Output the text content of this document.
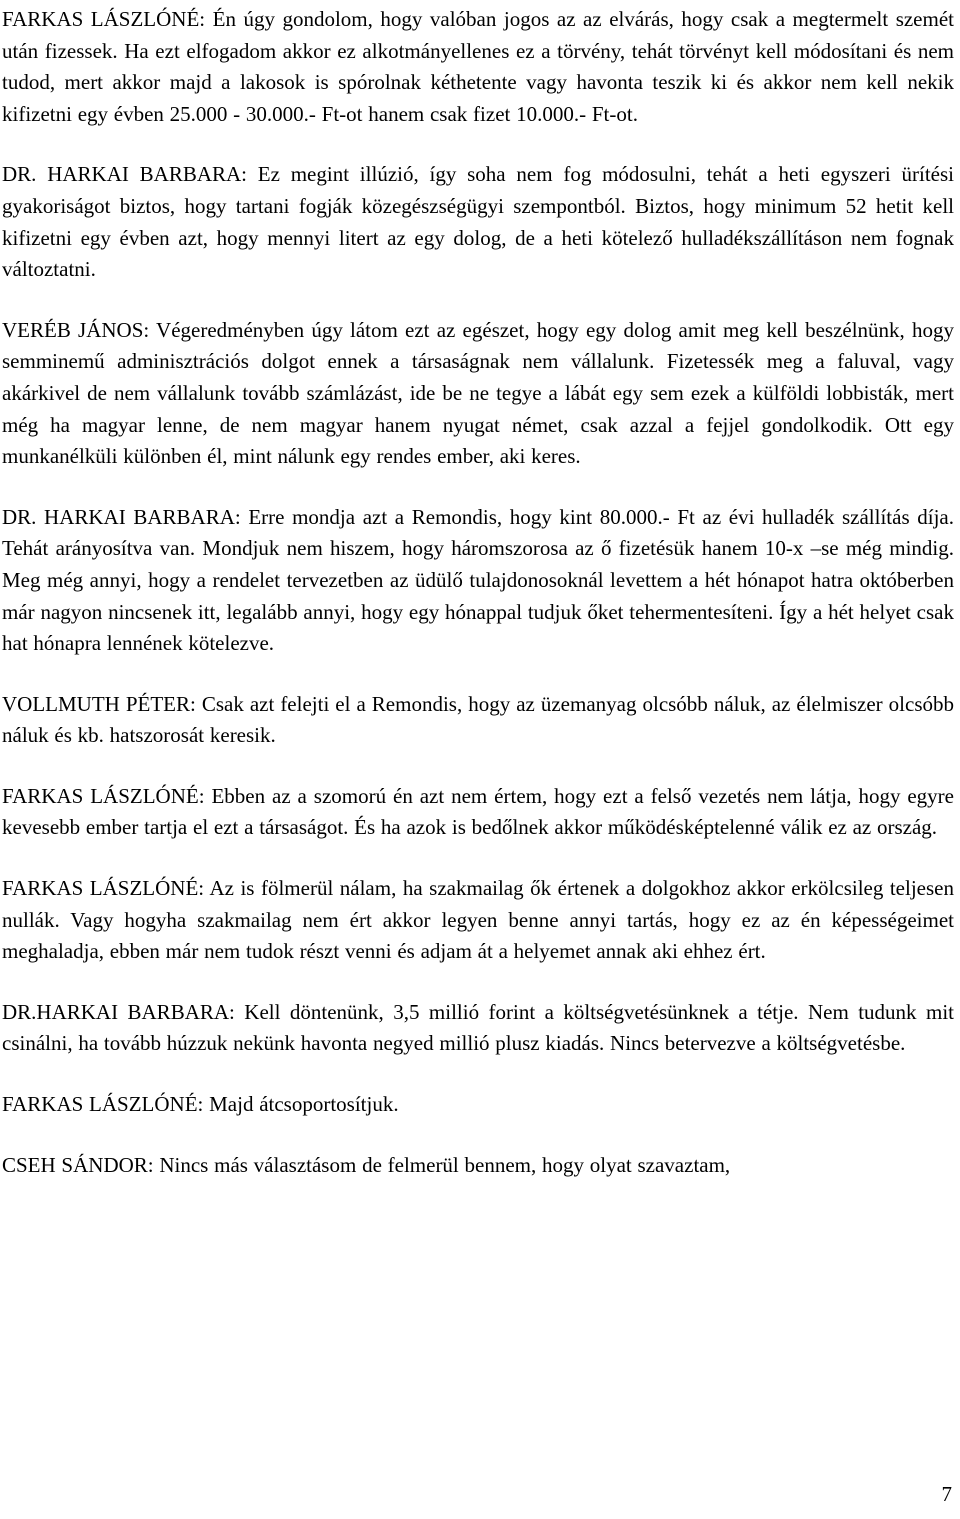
FARKAS LÁSZLÓNÉ: Én úgy gondolom, hogy valóban jogos az az elvárás, hogy csak a megtermelt szemét után fizessek. Ha ezt elfogadom akkor ez alkotmányellenes ez a törvény, tehát törvényt kell módosítani és nem tudod, mert akkor majd a lakosok is spórolnak kéthetente vagy havonta teszik ki és akkor nem kell nekik kifizetni egy évben 25.000 - 30.000.- Ft-ot hanem csak fizet 10.000.- Ft-ot.

DR. HARKAI BARBARA: Ez megint illúzió, így soha nem fog módosulni, tehát a heti egyszeri ürítési gyakoriságot biztos, hogy tartani fogják közegészségügyi szempontból. Biztos, hogy minimum 52 hetit kell kifizetni egy évben azt, hogy mennyi litert az egy dolog, de a heti kötelező hulladékszállításon nem fognak változtatni.

VERÉB JÁNOS: Végeredményben úgy látom ezt az egészet, hogy egy dolog amit meg kell beszélnünk, hogy semminemű adminisztrációs dolgot ennek a társaságnak nem vállalunk. Fizetessék meg a faluval, vagy akárkivel de nem vállalunk tovább számlázást, ide be ne tegye a lábát egy sem ezek a külföldi lobbisták, mert még ha magyar lenne, de nem magyar hanem nyugat német, csak azzal a fejjel gondolkodik. Ott egy munkanélküli különben él, mint nálunk egy rendes ember, aki keres.

DR. HARKAI BARBARA: Erre mondja azt a Remondis, hogy kint 80.000.- Ft az évi hulladék szállítás díja. Tehát arányosítva van. Mondjuk nem hiszem, hogy háromszorosa az ő fizetésük hanem 10-x –se még mindig. Meg még annyi, hogy a rendelet tervezetben az üdülő tulajdonosoknál levettem a hét hónapot hatra októberben már nagyon nincsenek itt, legalább annyi, hogy egy hónappal tudjuk őket tehermentesíteni. Így a hét helyet csak hat hónapra lennének kötelezve.

VOLLMUTH PÉTER: Csak azt felejti el a Remondis, hogy az üzemanyag olcsóbb náluk, az élelmiszer olcsóbb náluk és kb. hatszorosát keresik.

FARKAS LÁSZLÓNÉ: Ebben az a szomorú én azt nem értem, hogy ezt a felső vezetés nem látja, hogy egyre kevesebb ember tartja el ezt a társaságot. És ha azok is bedőlnek akkor működésképtelenné válik ez az ország.

FARKAS LÁSZLÓNÉ: Az is fölmerül nálam, ha szakmailag ők értenek a dolgokhoz akkor erkölcsileg teljesen nullák. Vagy hogyha szakmailag nem ért akkor legyen benne annyi tartás, hogy ez az én képességeimet meghaladja, ebben már nem tudok részt venni és adjam át a helyemet annak aki ehhez ért.

DR.HARKAI BARBARA: Kell döntenünk, 3,5 millió forint a költségvetésünknek a tétje. Nem tudunk mit csinálni, ha tovább húzzuk nekünk havonta negyed millió plusz kiadás. Nincs betervezve a költségvetésbe.

FARKAS LÁSZLÓNÉ: Majd átcsoportosítjuk.

CSEH SÁNDOR: Nincs más választásom de felmerül bennem, hogy olyat szavaztam,

7
